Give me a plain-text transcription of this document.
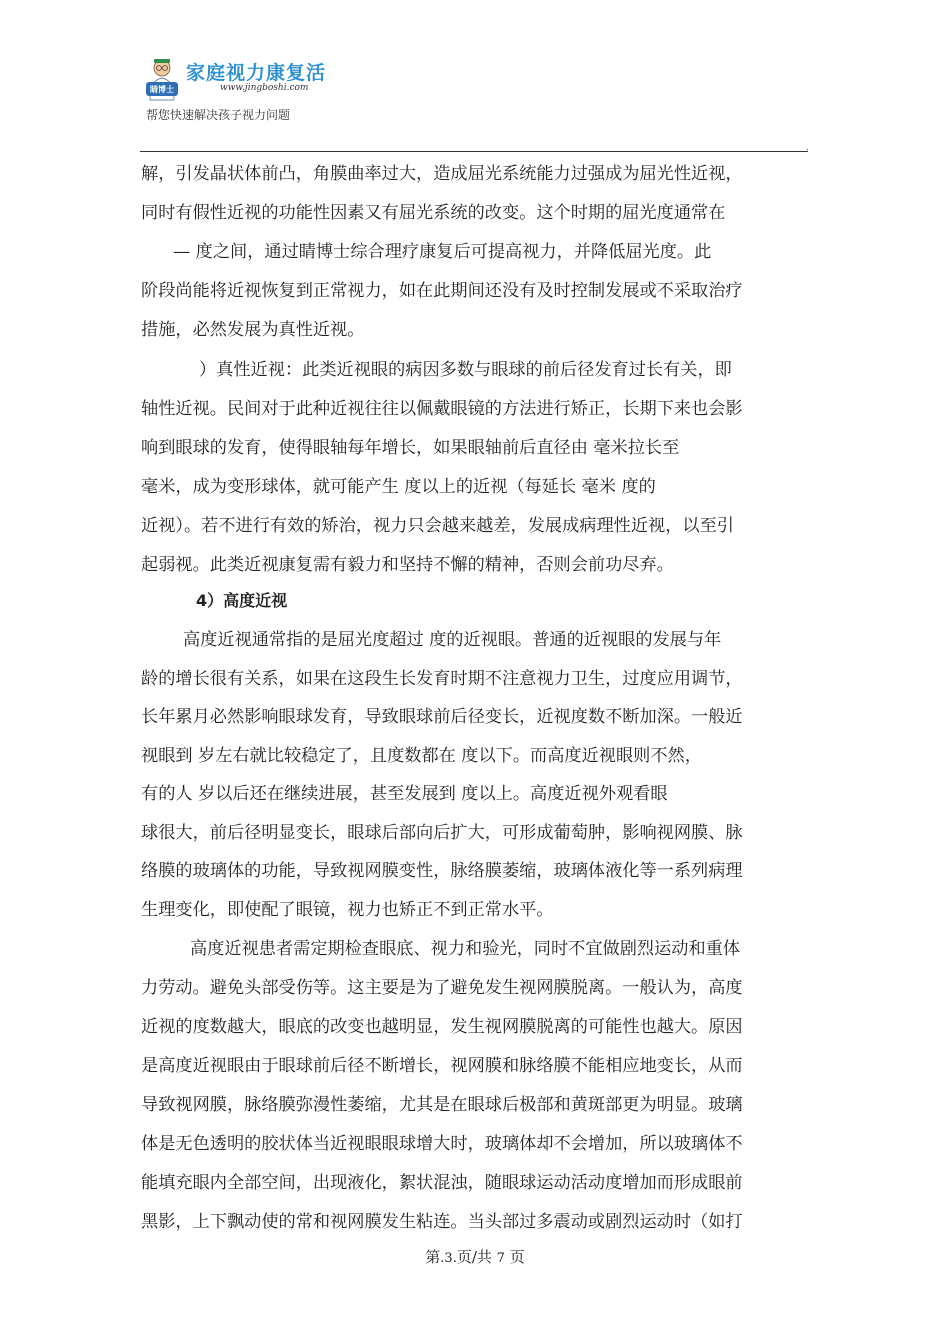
睛博士
家庭视力康复活
www.jingboshi.com
帮您快速解决孩子视力问题
.
解，引发晶状体前凸，角膜曲率过大，造成屈光系统能力过强成为屈光性近视，
同时有假性近视的功能性因素又有屈光系统的改变。这个时期的屈光度通常在
— 度之间，通过睛博士综合理疗康复后可提高视力，并降低屈光度。此
阶段尚能将近视恢复到正常视力，如在此期间还没有及时控制发展或不采取治疗
措施，必然发展为真性近视。
）真性近视：此类近视眼的病因多数与眼球的前后径发育过长有关，即
轴性近视。民间对于此种近视往往以佩戴眼镜的方法进行矫正，长期下来也会影
响到眼球的发育，使得眼轴每年增长，如果眼轴前后直径由 毫米拉长至
毫米，成为变形球体，就可能产生 度以上的近视（每延长 毫米 度的
近视）。若不进行有效的矫治，视力只会越来越差，发展成病理性近视，以至引
起弱视。此类近视康复需有毅力和坚持不懈的精神，否则会前功尽弃。
4）高度近视
高度近视通常指的是屈光度超过 度的近视眼。普通的近视眼的发展与年
龄的增长很有关系，如果在这段生长发育时期不注意视力卫生，过度应用调节，
长年累月必然影响眼球发育，导致眼球前后径变长，近视度数不断加深。一般近
视眼到 岁左右就比较稳定了，且度数都在 度以下。而高度近视眼则不然，
有的人 岁以后还在继续进展，甚至发展到 度以上。高度近视外观看眼
球很大，前后径明显变长，眼球后部向后扩大，可形成葡萄肿，影响视网膜、脉
络膜的玻璃体的功能，导致视网膜变性，脉络膜萎缩，玻璃体液化等一系列病理
生理变化，即使配了眼镜，视力也矫正不到正常水平。
高度近视患者需定期检查眼底、视力和验光，同时不宜做剧烈运动和重体
力劳动。避免头部受伤等。这主要是为了避免发生视网膜脱离。一般认为，高度
近视的度数越大，眼底的改变也越明显，发生视网膜脱离的可能性也越大。原因
是高度近视眼由于眼球前后径不断增长，视网膜和脉络膜不能相应地变长，从而
导致视网膜，脉络膜弥漫性萎缩，尤其是在眼球后极部和黄斑部更为明显。玻璃
体是无色透明的胶状体当近视眼眼球增大时，玻璃体却不会增加，所以玻璃体不
能填充眼内全部空间，出现液化，絮状混浊，随眼球运动活动度增加而形成眼前
黑影，上下飘动使的常和视网膜发生粘连。当头部过多震动或剧烈运动时（如打
第.3.页/共 7 页
